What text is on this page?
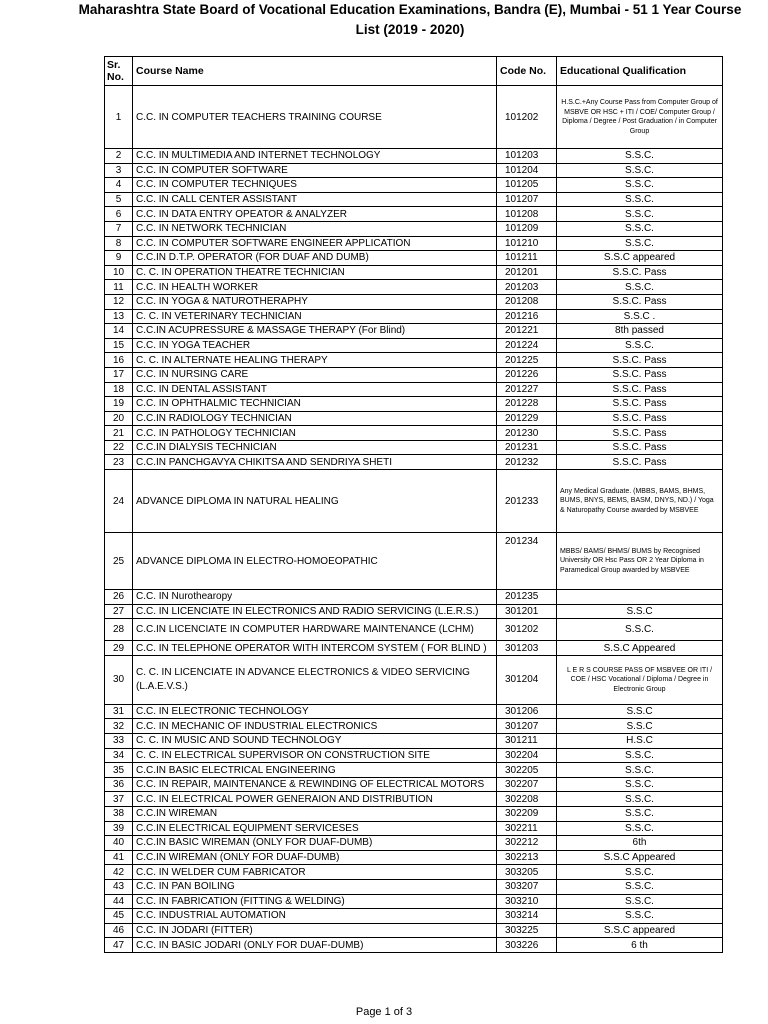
Maharashtra State Board of Vocational Education Examinations, Bandra (E), Mumbai - 51 1 Year Course
List (2019 - 2020)
Sr. No.	Course Name	Code No.	Educational Qualification
1	C.C. IN COMPUTER TEACHERS TRAINING COURSE	101202	H.S.C.+Any Course Pass from Computer Group of MSBVE OR HSC + ITI / COE/ Computer Group / Diploma / Degree / Post Graduation / in Computer Group
2	C.C. IN MULTIMEDIA AND INTERNET TECHNOLOGY	101203	S.S.C.
3	C.C. IN COMPUTER SOFTWARE	101204	S.S.C.
4	C.C. IN COMPUTER TECHNIQUES	101205	S.S.C.
5	C.C. IN CALL CENTER ASSISTANT	101207	S.S.C.
6	C.C. IN DATA ENTRY OPEATOR & ANALYZER	101208	S.S.C.
7	C.C. IN NETWORK TECHNICIAN	101209	S.S.C.
8	C.C. IN COMPUTER SOFTWARE ENGINEER APPLICATION	101210	S.S.C.
9	C.C.IN D.T.P. OPERATOR (FOR DUAF AND DUMB)	101211	S.S.C appeared
10	C. C. IN OPERATION THEATRE TECHNICIAN	201201	S.S.C. Pass
11	C.C. IN HEALTH WORKER	201203	S.S.C.
12	C.C. IN YOGA & NATUROTHERAPHY	201208	S.S.C. Pass
13	C. C. IN VETERINARY TECHNICIAN	201216	S.S.C .
14	C.C.IN ACUPRESSURE & MASSAGE THERAPY (For Blind)	201221	8th passed
15	C.C. IN YOGA TEACHER	201224	S.S.C.
16	C. C. IN ALTERNATE HEALING THERAPY	201225	S.S.C. Pass
17	C.C. IN NURSING CARE	201226	S.S.C. Pass
18	C.C. IN DENTAL ASSISTANT	201227	S.S.C. Pass
19	C.C. IN OPHTHALMIC TECHNICIAN	201228	S.S.C. Pass
20	C.C.IN RADIOLOGY TECHNICIAN	201229	S.S.C. Pass
21	C.C. IN PATHOLOGY TECHNICIAN	201230	S.S.C. Pass
22	C.C.IN DIALYSIS TECHNICIAN	201231	S.S.C. Pass
23	C.C.IN PANCHGAVYA CHIKITSA AND SENDRIYA SHETI	201232	S.S.C. Pass
24	ADVANCE DIPLOMA IN NATURAL HEALING	201233	Any Medical Graduate. (MBBS, BAMS, BHMS, BUMS, BNYS, BEMS, BASM, DNYS, ND.) / Yoga & Naturopathy Course awarded by MSBVEE
25	ADVANCE DIPLOMA IN ELECTRO-HOMOEOPATHIC	201234	MBBS/ BAMS/ BHMS/ BUMS by Recognised University OR Hsc Pass OR 2 Year Diploma in Paramedical Group awarded by MSBVEE
26	C.C. IN Nurothearopy	201235	
27	C.C. IN LICENCIATE IN ELECTRONICS AND RADIO SERVICING (L.E.R.S.)	301201	S.S.C
28	C.C.IN LICENCIATE IN COMPUTER HARDWARE MAINTENANCE (LCHM)	301202	S.S.C.
29	C.C. IN TELEPHONE OPERATOR WITH INTERCOM SYSTEM ( FOR BLIND )	301203	S.S.C Appeared
30	C. C. IN LICENCIATE IN ADVANCE ELECTRONICS & VIDEO SERVICING (L.A.E.V.S.)	301204	L E R S COURSE PASS OF MSBVEE OR ITI / COE / HSC Vocational / Diploma / Degree in Electronic Group
31	C.C. IN ELECTRONIC TECHNOLOGY	301206	S.S.C
32	C.C. IN MECHANIC OF INDUSTRIAL ELECTRONICS	301207	S.S.C
33	C. C. IN MUSIC AND SOUND TECHNOLOGY	301211	H.S.C
34	C. C. IN ELECTRICAL SUPERVISOR ON CONSTRUCTION SITE	302204	S.S.C.
35	C.C.IN BASIC ELECTRICAL ENGINEERING	302205	S.S.C.
36	C.C. IN REPAIR, MAINTENANCE & REWINDING OF ELECTRICAL MOTORS	302207	S.S.C.
37	C.C. IN ELECTRICAL POWER GENERAION AND DISTRIBUTION	302208	S.S.C.
38	C.C.IN WIREMAN	302209	S.S.C.
39	C.C.IN ELECTRICAL EQUIPMENT SERVICESES	302211	S.S.C.
40	C.C.IN BASIC WIREMAN (ONLY FOR DUAF-DUMB)	302212	6th
41	C.C.IN WIREMAN (ONLY FOR DUAF-DUMB)	302213	S.S.C Appeared
42	C.C. IN WELDER CUM FABRICATOR	303205	S.S.C.
43	C.C. IN PAN BOILING	303207	S.S.C.
44	C.C. IN FABRICATION (FITTING & WELDING)	303210	S.S.C.
45	C.C. INDUSTRIAL AUTOMATION	303214	S.S.C.
46	C.C. IN JODARI (FITTER)	303225	S.S.C appeared
47	C.C. IN BASIC JODARI (ONLY FOR DUAF-DUMB)	303226	6 th
Page 1 of 3
